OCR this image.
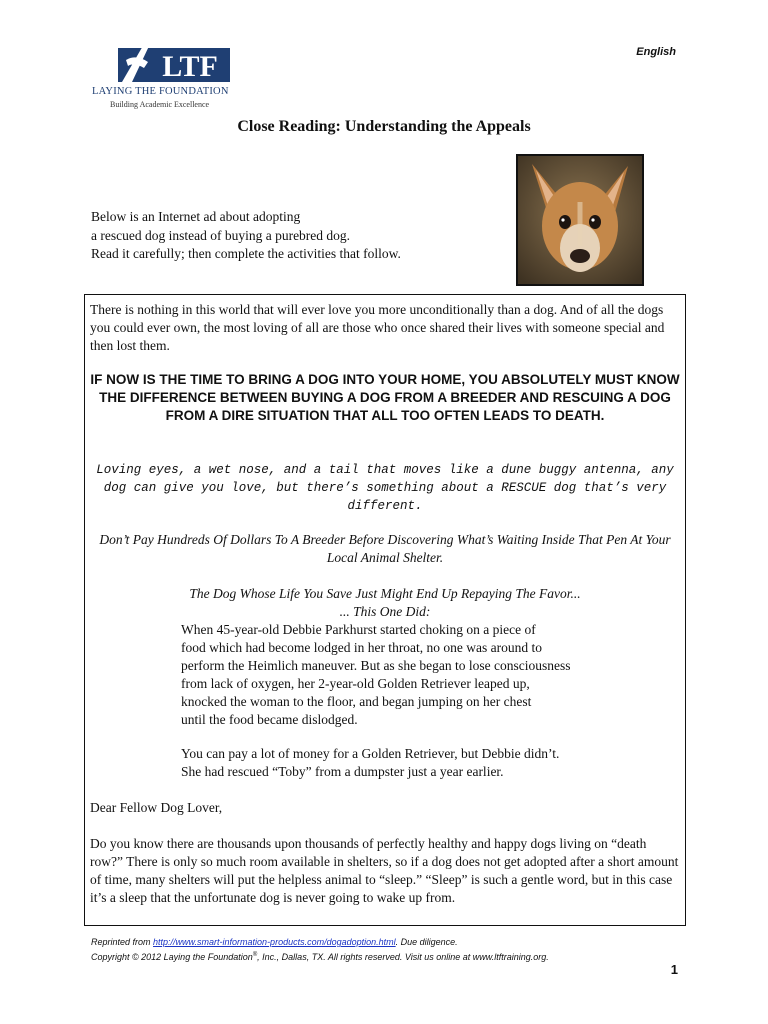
English
LTF
LAYING THE FOUNDATION
Building Academic Excellence
Close Reading: Understanding the Appeals
Below is an Internet ad about adopting
a rescued dog instead of buying a purebred dog.
Read it carefully; then complete the activities that follow.
There is nothing in this world that will ever love you more unconditionally than a dog. And of all the dogs you could ever own, the most loving of all are those who once shared their lives with someone special and then lost them.
IF NOW IS THE TIME TO BRING A DOG INTO YOUR HOME, YOU ABSOLUTELY MUST KNOW THE DIFFERENCE BETWEEN BUYING A DOG FROM A BREEDER AND RESCUING A DOG FROM A DIRE SITUATION THAT ALL TOO OFTEN LEADS TO DEATH.
Loving eyes, a wet nose, and a tail that moves like a dune buggy antenna, any dog can give you love, but there’s something about a RESCUE dog that’s very different.
Don’t Pay Hundreds Of Dollars To A Breeder Before Discovering What’s Waiting Inside That Pen At Your Local Animal Shelter.
The Dog Whose Life You Save Just Might End Up Repaying The Favor...
... This One Did:
When 45-year-old Debbie Parkhurst started choking on a piece of
food which had become lodged in her throat, no one was around to
perform the Heimlich maneuver. But as she began to lose consciousness
from lack of oxygen, her 2-year-old Golden Retriever leaped up,
knocked the woman to the floor, and began jumping on her chest
until the food became dislodged.
You can pay a lot of money for a Golden Retriever, but Debbie didn’t.
She had rescued “Toby” from a dumpster just a year earlier.
Dear Fellow Dog Lover,
Do you know there are thousands upon thousands of perfectly healthy and happy dogs living on “death row?” There is only so much room available in shelters, so if a dog does not get adopted after a short amount of time, many shelters will put the helpless animal to “sleep.” “Sleep” is such a gentle word, but in this case it’s a sleep that the unfortunate dog is never going to wake up from.
Reprinted from http://www.smart-information-products.com/dogadoption.html. Due diligence.
Copyright © 2012 Laying the Foundation®, Inc., Dallas, TX. All rights reserved. Visit us online at www.ltftraining.org.
1
